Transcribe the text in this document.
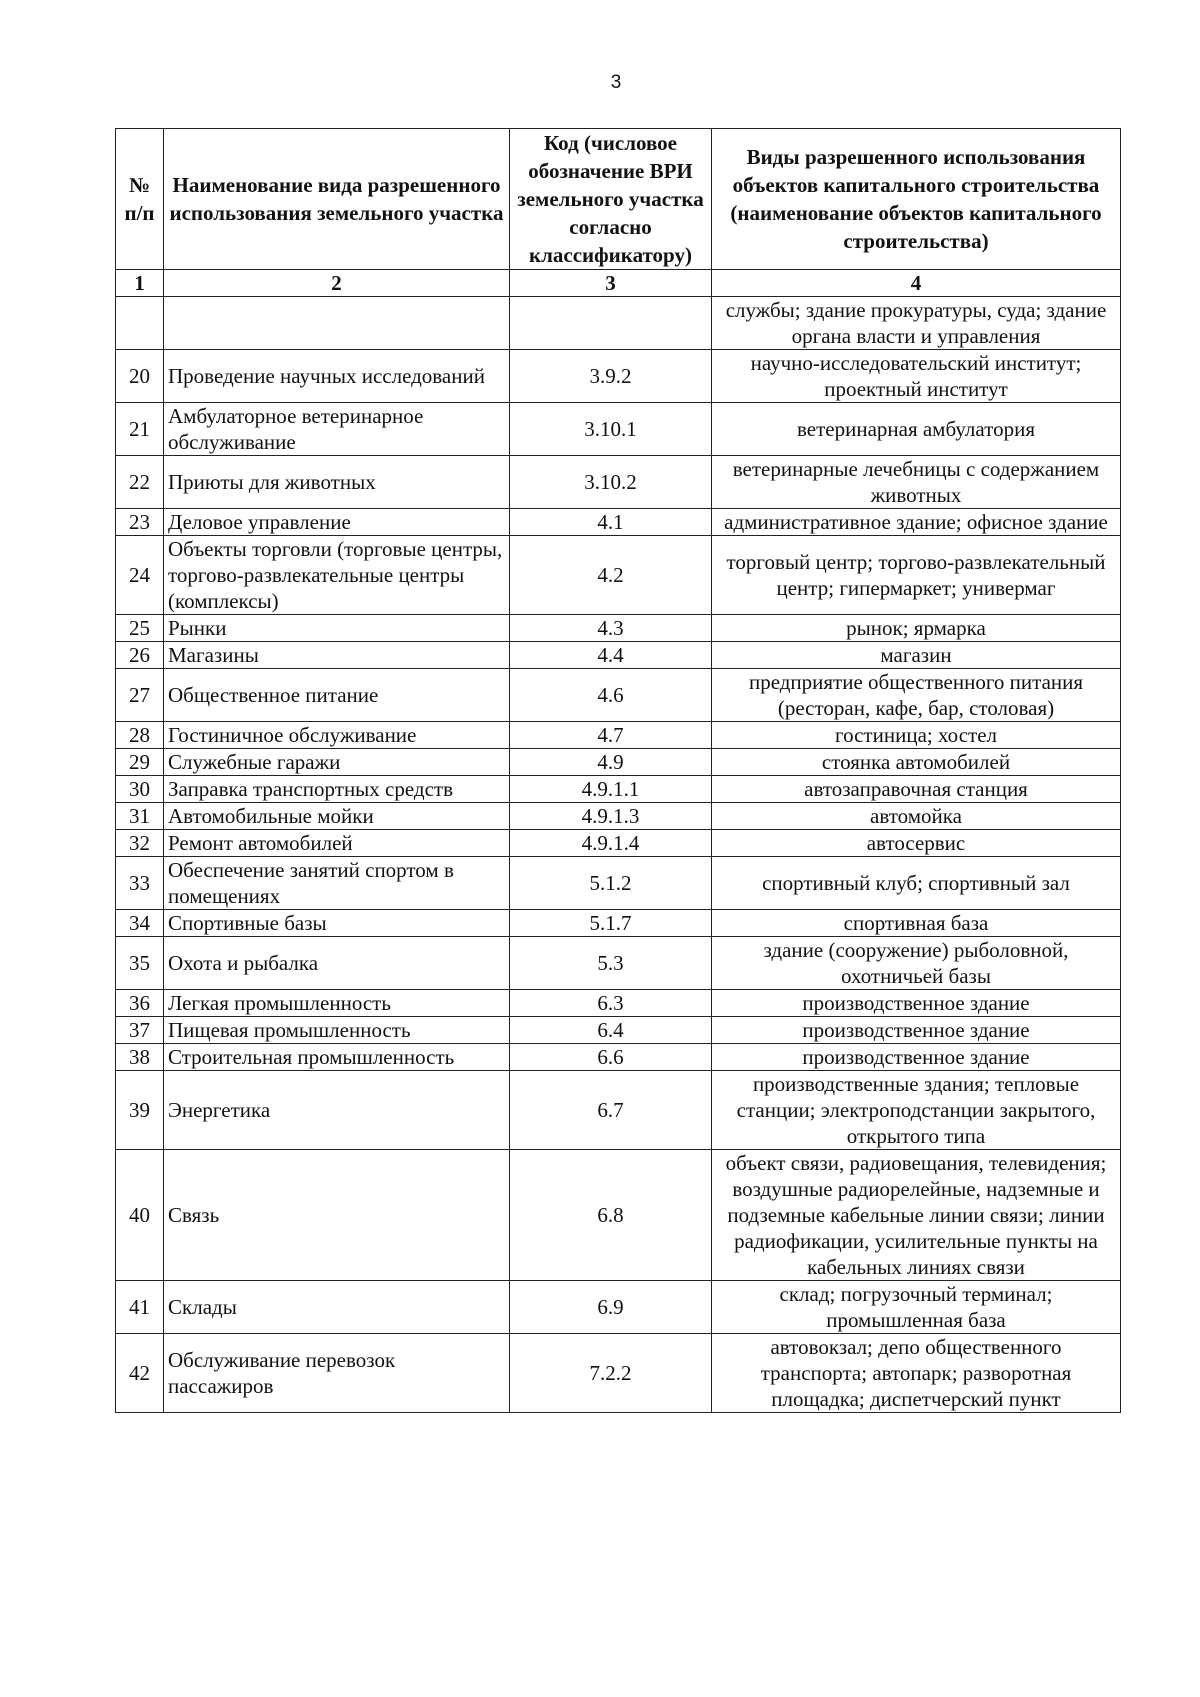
3
№ п/п	Наименование вида разрешенного использования земельного участка	Код (числовое обозначение ВРИ земельного участка согласно классификатору)	Виды разрешенного использования объектов капитального строительства (наименование объектов капитального строительства)
1	2	3	4
			службы; здание прокуратуры, суда; здание органа власти и управления
20	Проведение научных исследований	3.9.2	научно-исследовательский институт; проектный институт
21	Амбулаторное ветеринарное обслуживание	3.10.1	ветеринарная амбулатория
22	Приюты для животных	3.10.2	ветеринарные лечебницы с содержанием животных
23	Деловое управление	4.1	административное здание; офисное здание
24	Объекты торговли (торговые центры, торгово-развлекательные центры (комплексы)	4.2	торговый центр; торгово-развлекательный центр; гипермаркет; универмаг
25	Рынки	4.3	рынок; ярмарка
26	Магазины	4.4	магазин
27	Общественное питание	4.6	предприятие общественного питания (ресторан, кафе, бар, столовая)
28	Гостиничное обслуживание	4.7	гостиница; хостел
29	Служебные гаражи	4.9	стоянка автомобилей
30	Заправка транспортных средств	4.9.1.1	автозаправочная станция
31	Автомобильные мойки	4.9.1.3	автомойка
32	Ремонт автомобилей	4.9.1.4	автосервис
33	Обеспечение занятий спортом в помещениях	5.1.2	спортивный клуб; спортивный зал
34	Спортивные базы	5.1.7	спортивная база
35	Охота и рыбалка	5.3	здание (сооружение) рыболовной, охотничьей базы
36	Легкая промышленность	6.3	производственное здание
37	Пищевая промышленность	6.4	производственное здание
38	Строительная промышленность	6.6	производственное здание
39	Энергетика	6.7	производственные здания; тепловые станции; электроподстанции закрытого, открытого типа
40	Связь	6.8	объект связи, радиовещания, телевидения; воздушные радиорелейные, надземные и подземные кабельные линии связи; линии радиофикации, усилительные пункты на кабельных линиях связи
41	Склады	6.9	склад; погрузочный терминал; промышленная база
42	Обслуживание перевозок пассажиров	7.2.2	автовокзал; депо общественного транспорта; автопарк; разворотная площадка; диспетчерский пункт
